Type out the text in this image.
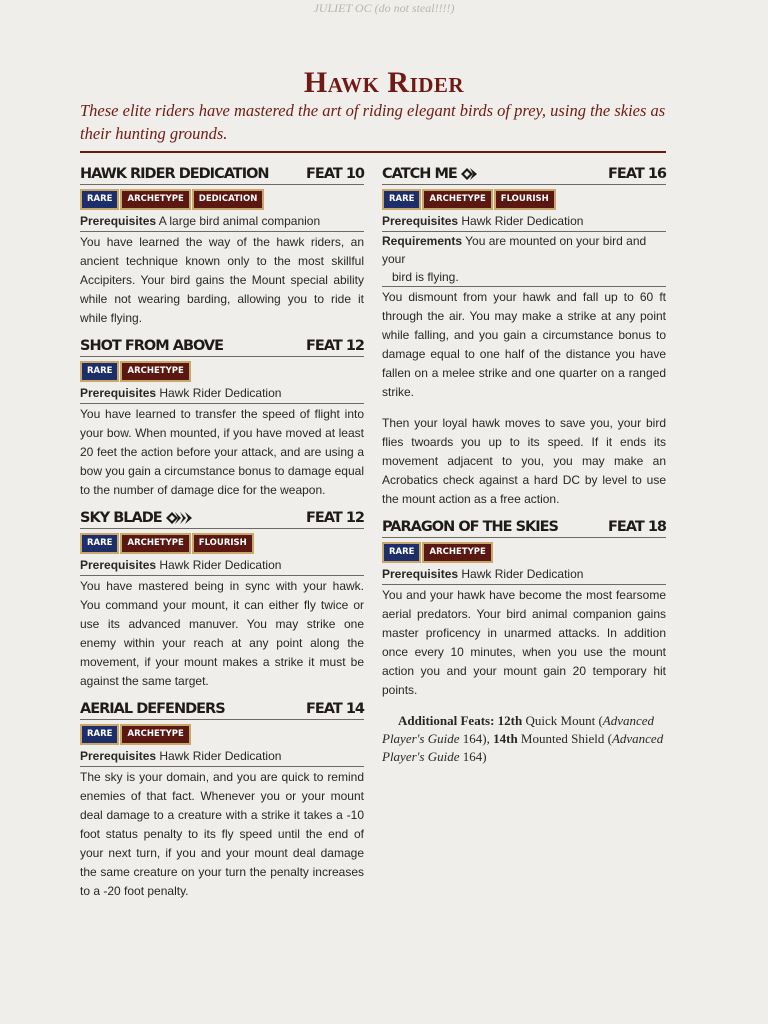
JULIET OC (do not steal!!!!)
Hawk Rider
These elite riders have mastered the art of riding elegant birds of prey, using the skies as their hunting grounds.
HAWK RIDER DEDICATION	FEAT 10
RARE	ARCHETYPE	DEDICATION
Prerequisites A large bird animal companion

You have learned the way of the hawk riders, an ancient technique known only to the most skillful Accipiters. Your bird gains the Mount special ability while not wearing barding, allowing you to ride it while flying.

SHOT FROM ABOVE	FEAT 12
RARE	ARCHETYPE
Prerequisites Hawk Rider Dedication

You have learned to transfer the speed of flight into your bow. When mounted, if you have moved at least 20 feet the action before your attack, and are using a bow you gain a circumstance bonus to damage equal to the number of damage dice for the weapon.

SKY BLADE	FEAT 12
RARE	ARCHETYPE	FLOURISH
Prerequisites Hawk Rider Dedication

You have mastered being in sync with your hawk. You command your mount, it can either fly twice or use its advanced manuver. You may strike one enemy within your reach at any point along the movement, if your mount makes a strike it must be against the same target.

AERIAL DEFENDERS	FEAT 14
RARE	ARCHETYPE
Prerequisites Hawk Rider Dedication

The sky is your domain, and you are quick to remind enemies of that fact. Whenever you or your mount deal damage to a creature with a strike it takes a -10 foot status penalty to its fly speed until the end of your next turn, if you and your mount deal damage the same creature on your turn the penalty increases to a -20 foot penalty.

CATCH ME	FEAT 16
RARE	ARCHETYPE	FLOURISH
Prerequisites Hawk Rider Dedication
Requirements You are mounted on your bird and your
bird is flying.

You dismount from your hawk and fall up to 60 ft through the air. You may make a strike at any point while falling, and you gain a circumstance bonus to damage equal to one half of the distance you have fallen on a melee strike and one quarter on a ranged strike.

Then your loyal hawk moves to save you, your bird flies twoards you up to its speed. If it ends its movement adjacent to you, you may make an Acrobatics check against a hard DC by level to use the mount action as a free action.

PARAGON OF THE SKIES	FEAT 18
RARE	ARCHETYPE
Prerequisites Hawk Rider Dedication

You and your hawk have become the most fearsome aerial predators. Your bird animal companion gains master proficency in unarmed attacks. In addition once every 10 minutes, when you use the mount action you and your mount gain 20 temporary hit points.

Additional Feats: 12th Quick Mount (Advanced Player's Guide 164), 14th Mounted Shield (Advanced Player's Guide 164)
